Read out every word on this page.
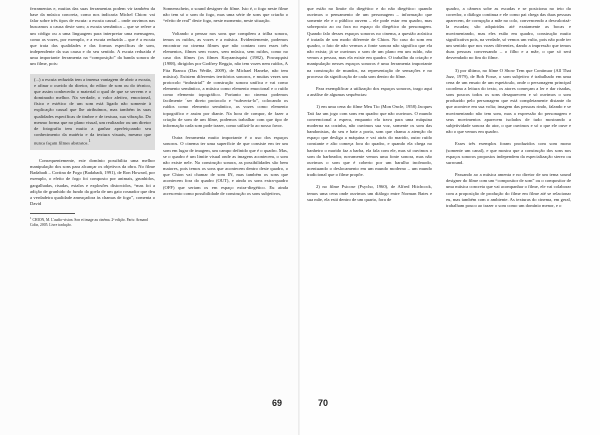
ferramentas e, muitas das suas ferramentas podem vir também da base da música concreta, como nos indicaria Michel Chion: vai falar sobre três tipos de escuta: a escuta causal – onde ouvimos nas buscamos a causa deste som; a escuta semântica – que se refere a um código ou a uma linguagem para interpretar uma mensagem, como as vozes, por exemplo, e a escuta reduzida – que é a escuta que trata das qualidades e das formas específicas de som, independente da sua causa e do seu sentido. A escuta reduzida é uma importante ferramenta na “composição” da banda sonora de um filme, pois:

(...) a escuta reduzida tem a imensa vantagem de abrir a escuta, e afinar o ouvido do diretor, do editor de som ou do técnico, que assim conhecerão o material o qual de que se servem e o dominarão melhor. Na verdade, o valor afetivo, emocional, físico e estético de um som está ligado não somente à explicação causal que lhe atribuímos, mas também às suas qualidades específicas de timbre e de textura, sua vibração. Do mesmo forma que no plano visual, um realizador ou um diretor de fotografia tem muito a ganhar aperfeiçoando seu conhecimento da matéria e da textura visuais, mesmo que nunca façam filmes abstratos.$^1$

Consequentemente, este domínio possibilita uma melhor manipulação dos sons para alcançar os objetivos da obra. No filme Badabadi – Cortina de Fogo (Badabadi, 1991), de Ron Howard, por exemplo, o efeito de fogo foi composto por animais, grunhidos, gargalhadas, risadas, estalos e explosões distorcidos, “mas foi a adição de grunhido do fundo da goela de um gato rosnador que deu a verdadeira qualidade ameaçadora às chamas de fogo”, comenta o David

$^1$ CHION, M. L'audio-vision. Son et image au cinéma. 2ª edição. Paris: Armand Colin, 2005. Livre tradução.

Sonnenschein, o sound designer do filme. Isto é, o fogo neste filme não tem só o som do fogo, mas uma série de sons que criarão o “efeito de real” deste fogo, neste momento, neste situação.

Voltando a pensar nos sons que compõem a trilha sonora, temos os ruídos, as vozes e a música. Evidentemente, podemos encontrar no cinema filmes que não contam com esses três elementos, filmes sem vozes, sem música, sem ruídos, como no caso dos filmes (os filmes Koyaanisqatsi (1982), Powaqqatsi (1988), dirigidos por Godfrey Reggio, não tem vozes nem ruídos, A Fita Branca (Das Weiße, 2009), de Michael Haneke, não tem música). Existem diferentes territórios sonoros, e muitas vezes um protocolo “industrial” de construção sonora unifica e vai como elemento semântico, a música como elemento emocional e o ruído como elemento topográfico. Portanto no cinema podemos facilmente ´ser direto protocolo e “subverta-lo”, colocando os ruídos como elemento semântico, as vozes como elemento topográfico e assim por diante. Na hora de compor, de fazer a criação de som de um filme, podemos trabalhar com que tipo de informação cada som pode trazer, como utilizá-lo ao nosso favor.

Outra ferramenta muito importante é o uso dos espaços sonoros. O cinema ter uma superfície de que consiste em ter um som em lugar de imagem, um campo definido que é o quadro. Mas, se o quadro é um limite visual onde as imagens acontecem, o som não existe nele. Na construção sonora, as possibilidades são bem maiores, pois temos os sons que acontecem dentro deste quadro, o que Chion vai chamar de som IN, mas também os sons que acontecem fora do quadro (OUT), e ainda os sons extra-quadro (OFF) que seriam os em espaço extra-diegético. Eu ainda acrescento como possibilidade de construção os sons subjetivos,

69

que estão no limite do diegético e do não diegético: quando ouvimos o pensamento de um personagem – informação que somente ele e o público ouvem – ele pode estar em quadro, mas sobreposto ao ou fora no espaço do diegético do personagem. Quando falo desses espaços sonoros no cinema, a questão acústica é tratada de um modo diferente de Chion. No caso do som em quadro, o fato de não vermos a fonte sonora não significa que ela não exista; já se ouvimos o som de um plano em um ruído, não vemos a pessoa, mas ela existe em quadro. O trabalho da criação e manipulação nesses espaços sonoros é uma ferramenta importante na construção de mundos, na representação de sensações e no processo da significação de cada som dentro do filme.

Para exemplificar a utilização dos espaços sonoros, trago aqui a análise de algumas sequências:

1) em uma cena do filme Meu Tio (Mon Oncle, 1958) Jacques Tati faz um jogo com sons em quadro que não ouvimos. O mundo convencional a espera, enquanto ela trava para uma máquina moderna na cozinha, não ouvimos sua voz, somente os som das bandonistas, do seu e bate a porta, som que chama a atenção do espaço que desliga a máquina e vai atrás do marido, outro ruído constante e alto começa fora do quadro, e quando ela chega no banheiro o marido faz a barba, ela fala com ele, mas só ouvimos o som do barbeador, novamente vemos uma fonte sonora, mas não ouvimos o som que é coberto por um barulho incômodo, acentuando o deslocamento em um mundo moderno – um mundo tradicional que o filme propõe.

2) no filme Psicose (Psycho, 1960), de Alfred Hitchcock, temos uma cena onde ouvimos um diálogo entre Norman Bates e sua mãe, ela está dentro de um quarto, fora de

quadro, a câmera sobe as escadas e se posiciona no teto do corredor, o diálogo continua e ele como pai chega das duas pessoas aparecem, de corrupção a mãe no colo, convencendo a desvalorizá-la escadas; são adquiridas até exatamente as bocas e movimentando, mas eles estão em quadro, construção muito significativa pois, na verdade, só vemos um vulto, pois não pode ter um sentido que nos vozes diferentes, dando a impressão que temos duas pessoas conversando – o filho e a mãe, o que só será desvendado no fim do filme.

3) por último, no filme O Show Tem que Continuar (All That Jazz, 1979), de Bob Fosse, o som subjetivo é trabalhado em uma cena de um ensaio de um espetáculo, onde o personagem principal coordena a leitura do texto, os atores começam a ler e dar risadas, sons poucos todos os sons desaparecem e só ouvimos o som produzido pelo personagem que está completamente distante do que acontece em sua volta; imagem das pessoas rindo, falando e se movimentando não tem som, mas a expressão do personagem e seus movimentos aparecem isolados de tudo mostrando a subjetividade sonora do ator, o que ouvimos e só o que ele ouve e não o que vemos em quadro.

Esses três exemplos foram produzidos com som mono (somente um canal), e que mostra que a construção dos sons nos espaços sonoros propostos independem da especialização stereo ou surround.

Passando ao a música amenta e no diretor de um tema sound designer do filme com um “compositor de som” ou o compositor de uma música concreta que vai acompanhar o filme, ele vai colaborar com a proposição de produção do filme em filme até se relacionar eu, mas também com o ambiente. As texturas do cinema, em geral, trabalham pouco ao trazer o som como um domínio menor, e o

70
